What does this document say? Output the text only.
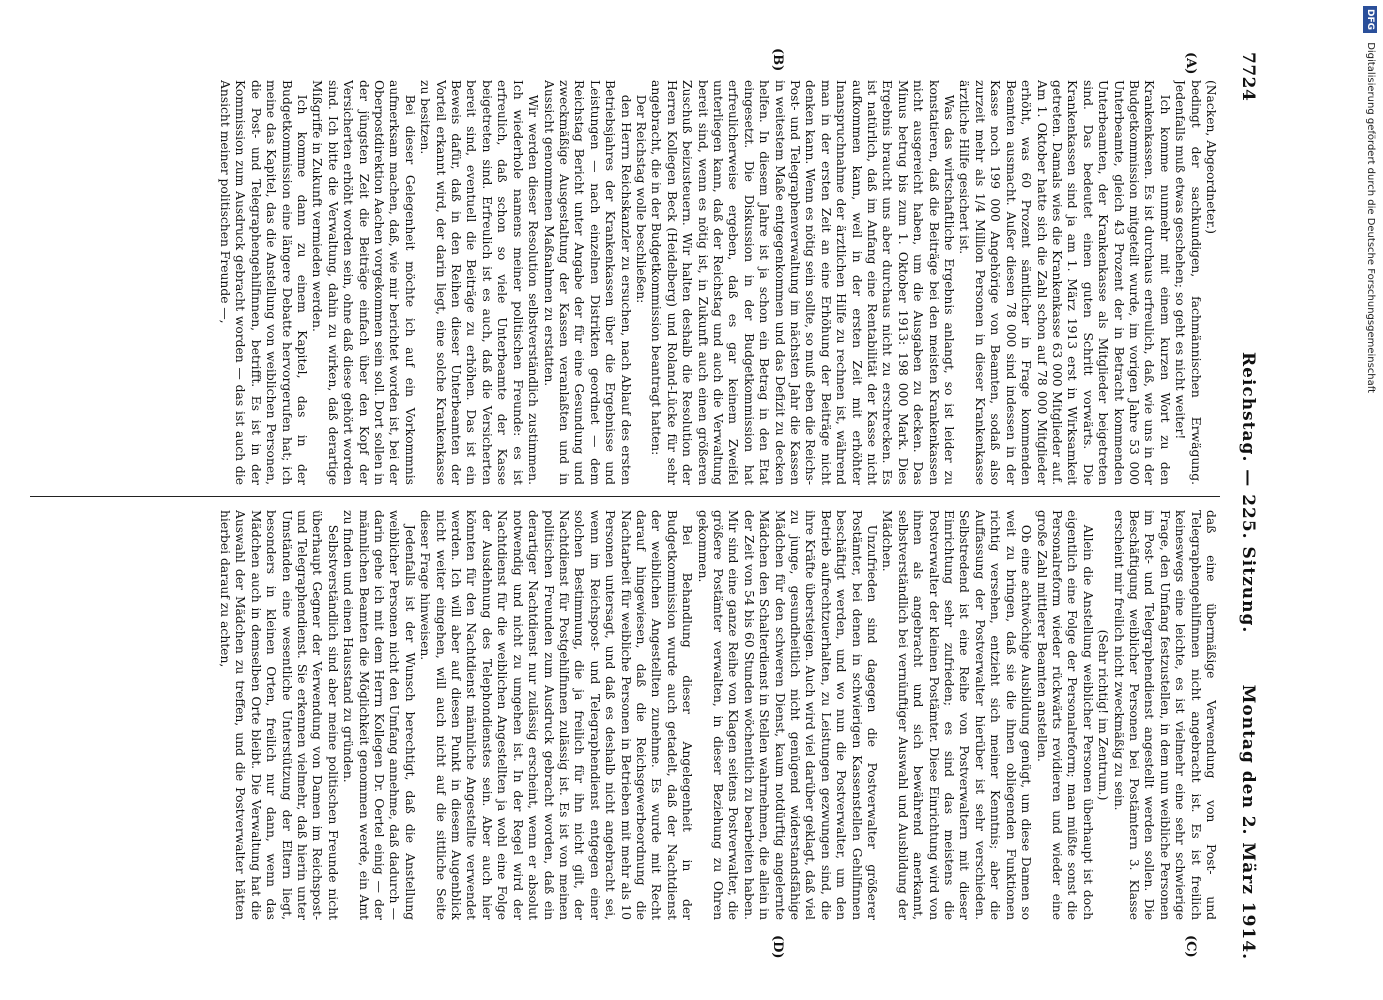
7724
Reichstag. — 225. Sitzung.
Montag den 2. März 1914.
(A)
(B)
(C)
(D)

(Nacken, Abgeordneter.)

bedingt der sachkundigen, fachmännischen Erwägung. Jedenfalls muß etwas geschehen; so geht es nicht weiter!

Ich komme nunmehr mit einem kurzen Wort zu den Krankenkassen. Es ist durchaus erfreulich, daß, wie uns in der Budgetkommission mitgeteilt wurde, im vorigen Jahre 53 000 Unterbeamte, gleich 43 Prozent der in Betracht kommenden Unterbeamten, der Krankenkasse als Mitglieder beigetreten sind. Das bedeutet einen guten Schritt vorwärts. Die Krankenkassen sind ja am 1. März 1913 erst in Wirksamkeit getreten. Damals wies die Krankenkasse 63 000 Mitglieder auf. Am 1. Oktober hatte sich die Zahl schon auf 78 000 Mitglieder erhöht, was 60 Prozent sämtlicher in Frage kommenden Beamten ausmacht. Außer diesen 78 000 sind indessen in der Kasse noch 199 000 Angehörige von Beamten, sodaß also zurzeit mehr als 1/4 Million Personen in dieser Krankenkasse ärztliche Hilfe gesichert ist.

Was das wirtschaftliche Ergebnis anlangt, so ist leider zu konstatieren, daß die Beiträge bei den meisten Krankenkassen nicht ausgereicht haben, um die Ausgaben zu decken. Das Minus betrug bis zum 1. Oktober 1913: 198 000 Mark. Dies Ergebnis braucht uns aber durchaus nicht zu erschrecken. Es ist natürlich, daß im Anfang eine Rentabilität der Kasse nicht aufkommen kann, weil in der ersten Zeit mit erhöhter Inanspruchnahme der ärztlichen Hilfe zu rechnen ist, während man in der ersten Zeit an eine Erhöhung der Beiträge nicht denken kann. Wenn es nötig sein sollte, so muß eben die Reichs-Post- und Telegraphenverwaltung im nächsten Jahr die Kassen in weitestem Maße entgegenkommen und das Defizit zu decken helfen. In diesem Jahre ist ja schon ein Betrag in den Etat eingesetzt. Die Diskussion in der Budgetkommission hat erfreulicherweise ergeben, daß es gar keinem Zweifel unterliegen kann, daß der Reichstag und auch die Verwaltung bereit sind, wenn es nötig ist, in Zukunft auch einen größeren Zuschuß beizusteuern. Wir halten deshalb die Resolution der Herren Kollegen Beck (Heidelberg) und Roland-Lücke für sehr angebracht, die in der Budgetkommission beantragt hatten:

Der Reichstag wolle beschließen:

den Herrn Reichskanzler zu ersuchen, nach Ablauf des ersten Betriebsjahres der Krankenkassen über die Ergebnisse und Leistungen — nach einzelnen Distrikten geordnet — dem Reichstag Bericht unter Angabe der für eine Gesundung und zweckmäßige Ausgestaltung der Kassen veranlaßten und in Aussicht genommenen Maßnahmen zu erstatten.

Wir werden dieser Resolution selbstverständlich zustimmen. Ich wiederhole namens meiner politischen Freunde: es ist erfreulich, daß schon so viele Unterbeamte der Kasse beigetreten sind. Erfreulich ist es auch, daß die Versicherten bereit sind, eventuell die Beiträge zu erhöhen. Das ist ein Beweis dafür, daß in den Reihen dieser Unterbeamten der Vorteil erkannt wird, der darin liegt, eine solche Krankenkasse zu besitzen.

Bei dieser Gelegenheit möchte ich auf ein Vorkommnis aufmerksam machen, daß, wie mir berichtet worden ist, bei der Oberpostdirektion Aachen vorgekommen sein soll. Dort sollen in der jüngsten Zeit die Beiträge einfach über den Kopf der Versicherten erhöht worden sein, ohne daß diese gehört worden sind. Ich bitte die Verwaltung, dahin zu wirken, daß derartige Mißgriffe in Zukunft vermieden werden.

Ich komme dann zu einem Kapitel, das in der Budgetkommission eine längere Debatte hervorgerufen hat; ich meine das Kapitel, das die Anstellung von weiblichen Personen, die Post- und Telegraphengehilfinnen, betrifft. Es ist in der Kommission zum Ausdruck gebracht worden — das ist auch die Ansicht meiner politischen Freunde —,

daß eine übermäßige Verwendung von Post- und Telegraphengehilfinnen nicht angebracht ist. Es ist freilich keineswegs eine leichte, es ist vielmehr eine sehr schwierige Frage, den Umfang festzustellen, in dem nun weibliche Personen im Post- und Telegraphendienst angestellt werden sollen. Die Beschäftigung weiblicher Personen bei Postämtern 3. Klasse erscheint mir freilich nicht zweckmäßig zu sein.

(Sehr richtig! im Zentrum.)

Allein die Anstellung weiblicher Personen überhaupt ist doch eigentlich eine Folge der Personalreform; man müßte sonst die Personalreform wieder rückwärts revidieren und wieder eine große Zahl mittlerer Beamten anstellen.

Ob eine achtwöchige Ausbildung genügt, um diese Damen so weit zu bringen, daß sie die ihnen obliegenden Funktionen richtig versehen, entzieht sich meiner Kenntnis; aber die Auffassung der Postverwalter hierüber ist sehr verschieden. Selbstredend ist eine Reihe von Postverwaltern mit dieser Einrichtung sehr zufrieden; es sind das meistens die Postverwalter der kleinen Postämter. Diese Einrichtung wird von ihnen als angebracht und sich bewährend anerkannt, selbstverständlich bei vernünftiger Auswahl und Ausbildung der Mädchen.

Unzufrieden sind dagegen die Postverwalter größerer Postämter, bei denen in schwierigen Kassenstellen Gehilfinnen beschäftigt werden, und wo nun die Postverwalter, um den Betrieb aufrechtzuerhalten, zu Leistungen gezwungen sind, die ihre Kräfte übersteigen. Auch wird viel darüber geklagt, daß viel zu junge, gesundheitlich nicht genügend widerstandsfähige Mädchen für den schweren Dienst, kaum notdürftig angelernte Mädchen den Schalterdienst in Stellen wahrnehmen, die allein in der Zeit von 54 bis 60 Stunden wöchentlich zu bearbeiten haben. Mir sind eine ganze Reihe von Klagen seitens Postverwalter, die größere Postämter verwalten, in dieser Beziehung zu Ohren gekommen.

Bei Behandlung dieser Angelegenheit in der Budgetkommission wurde auch getadelt, daß der Nachtdienst der weiblichen Angestellten zunehme. Es wurde mit Recht darauf hingewiesen, daß die Reichsgewerbeordnung die Nachtarbeit für weibliche Personen in Betrieben mit mehr als 10 Personen untersagt, und daß es deshalb nicht angebracht sei, wenn im Reichspost- und Telegraphendienst entgegen einer solchen Bestimmung, die ja freilich für ihn nicht gilt, der Nachtdienst für Postgehilfinnen zulässig ist. Es ist von meinen politischen Freunden zum Ausdruck gebracht worden, daß ein derartiger Nachtdienst nur zulässig erscheint, wenn er absolut notwendig und nicht zu umgehen ist. In der Regel wird der Nachtdienst für die weiblichen Angestellten ja wohl eine Folge der Ausdehnung des Telephondienstes sein. Aber auch hier könnten für den Nachtdienst männliche Angestellte verwendet werden. Ich will aber auf diesen Punkt in diesem Augenblick nicht weiter eingehen, will auch nicht auf die sittliche Seite dieser Frage hinweisen.

Jedenfalls ist der Wunsch berechtigt, daß die Anstellung weiblicher Personen nicht den Umfang annehme, daß dadurch — darin gehe ich mit dem Herrn Kollegen Dr. Oertel einig — der männlichen Beamten die Möglichkeit genommen werde, ein Amt zu finden und einen Hausstand zu gründen.

Selbstverständlich sind aber meine politischen Freunde nicht überhaupt Gegner der Verwendung von Damen im Reichspost- und Telegraphendienst. Sie erkennen vielmehr, daß hierin unter Umständen eine wesentliche Unterstützung der Eltern liegt, besonders in kleinen Orten, freilich nur dann, wenn das Mädchen auch in demselben Orte bleibt. Die Verwaltung hat die Auswahl der Mädchen zu treffen, und die Postverwalter hätten hierbei darauf zu achten,

DFG Digitalisierung gefördert durch die Deutsche Forschungsgemeinschaft
